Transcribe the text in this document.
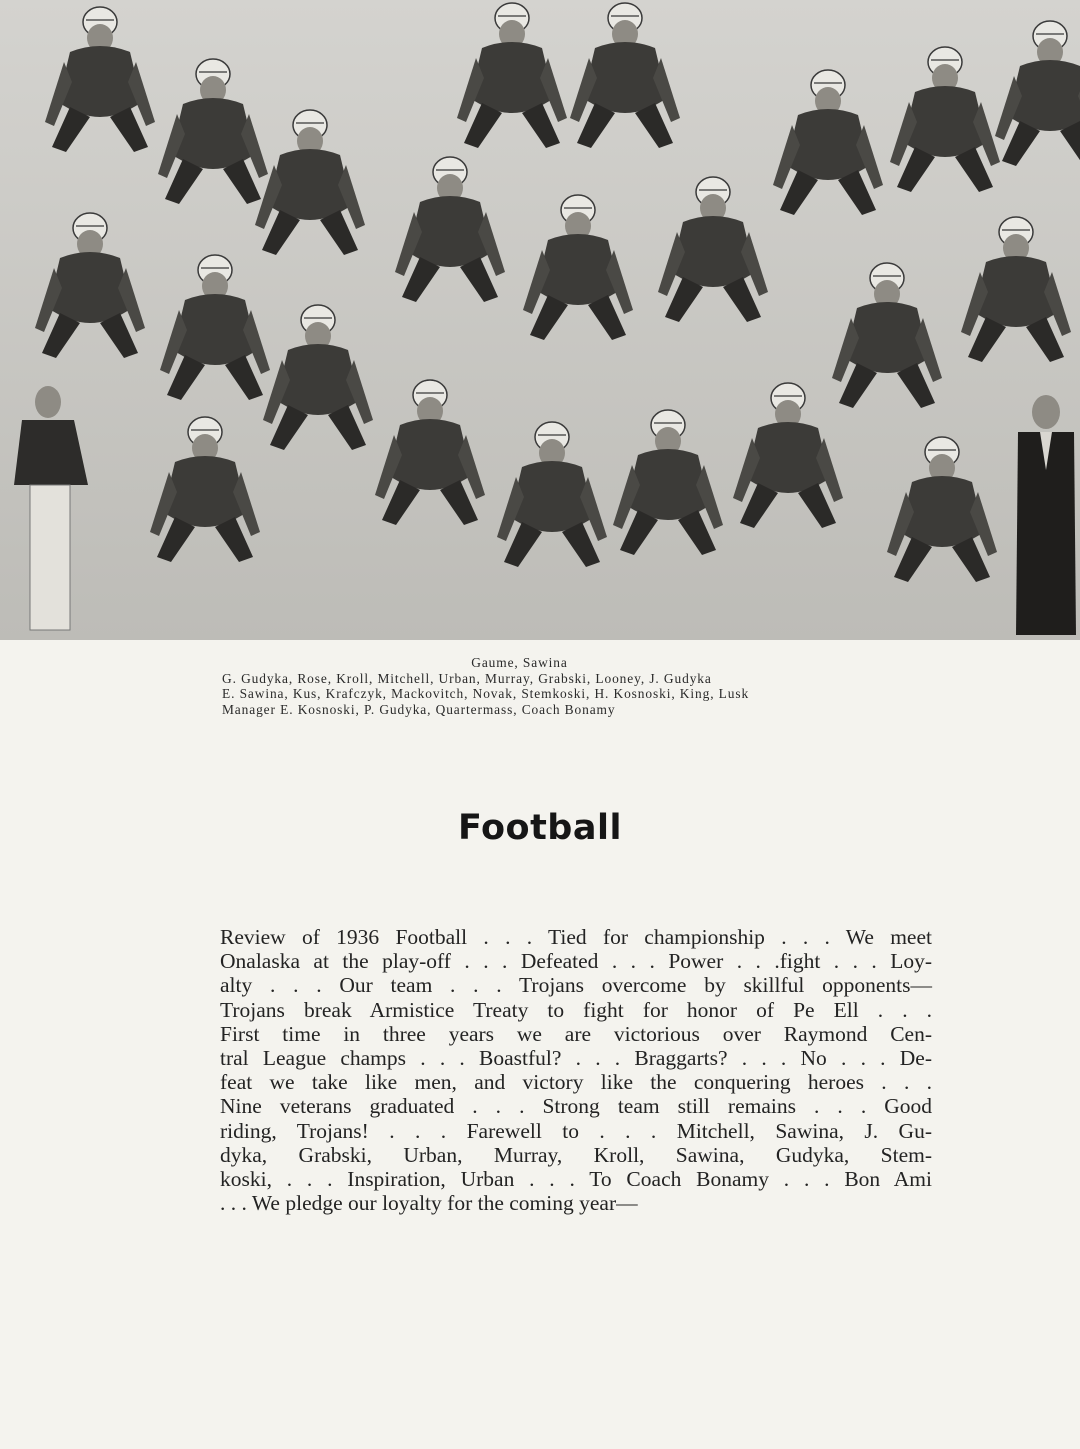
Gaume, Sawina
G. Gudyka, Rose, Kroll, Mitchell, Urban, Murray, Grabski, Looney, J. Gudyka
E. Sawina, Kus, Krafczyk, Mackovitch, Novak, Stemkoski, H. Kosnoski, King, Lusk
Manager E. Kosnoski, P. Gudyka, Quartermass, Coach Bonamy
Football
Review of 1936 Football . . . Tied for championship . . . We meet
Onalaska at the play-off . . . Defeated . . . Power . . .fight . . . Loy-
alty . . . Our team . . . Trojans overcome by skillful opponents—
Trojans break Armistice Treaty to fight for honor of Pe Ell . . .
First time in three years we are victorious over Raymond Cen-
tral League champs . . . Boastful? . . . Braggarts? . . . No . . . De-
feat we take like men, and victory like the conquering heroes . . .
Nine veterans graduated . . . Strong team still remains . . . Good
riding, Trojans! . . . Farewell to . . . Mitchell, Sawina, J. Gu-
dyka, Grabski, Urban, Murray, Kroll, Sawina, Gudyka, Stem-
koski, . . . Inspiration, Urban . . . To Coach Bonamy . . . Bon Ami
. . . We pledge our loyalty for the coming year—
